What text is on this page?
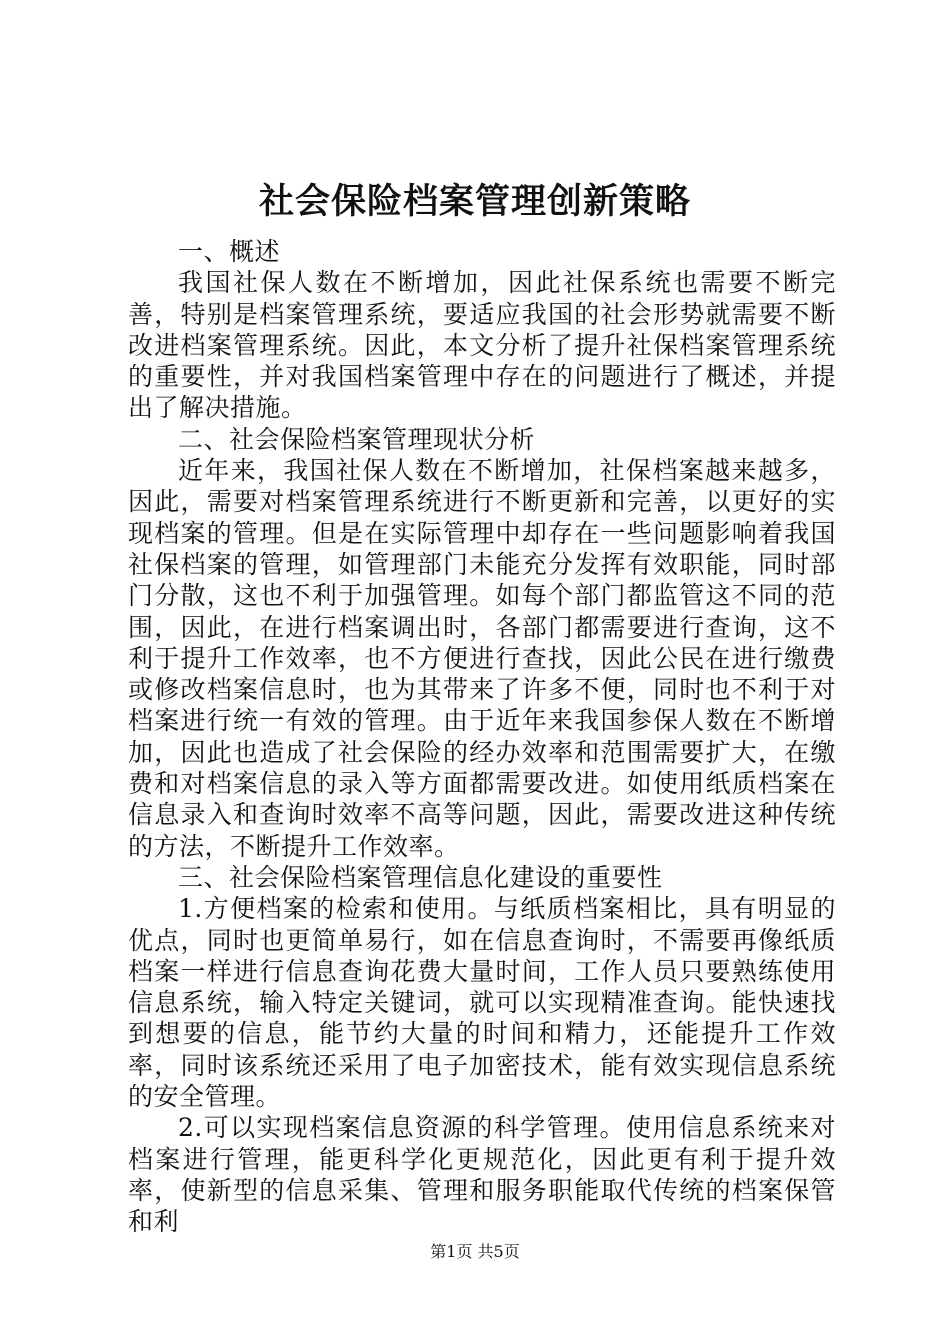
社会保险档案管理创新策略

一、概述

我国社保人数在不断增加，因此社保系统也需要不断完善，特别是档案管理系统，要适应我国的社会形势就需要不断改进档案管理系统。因此，本文分析了提升社保档案管理系统的重要性，并对我国档案管理中存在的问题进行了概述，并提出了解决措施。

二、社会保险档案管理现状分析

近年来，我国社保人数在不断增加，社保档案越来越多，因此，需要对档案管理系统进行不断更新和完善，以更好的实现档案的管理。但是在实际管理中却存在一些问题影响着我国社保档案的管理，如管理部门未能充分发挥有效职能，同时部门分散，这也不利于加强管理。如每个部门都监管这不同的范围，因此，在进行档案调出时，各部门都需要进行查询，这不利于提升工作效率，也不方便进行查找，因此公民在进行缴费或修改档案信息时，也为其带来了许多不便，同时也不利于对档案进行统一有效的管理。由于近年来我国参保人数在不断增加，因此也造成了社会保险的经办效率和范围需要扩大，在缴费和对档案信息的录入等方面都需要改进。如使用纸质档案在信息录入和查询时效率不高等问题，因此，需要改进这种传统的方法，不断提升工作效率。

三、社会保险档案管理信息化建设的重要性

1.方便档案的检索和使用。与纸质档案相比，具有明显的优点，同时也更简单易行，如在信息查询时，不需要再像纸质档案一样进行信息查询花费大量时间，工作人员只要熟练使用信息系统，输入特定关键词，就可以实现精准查询。能快速找到想要的信息，能节约大量的时间和精力，还能提升工作效率，同时该系统还采用了电子加密技术，能有效实现信息系统的安全管理。

2.可以实现档案信息资源的科学管理。使用信息系统来对档案进行管理，能更科学化更规范化，因此更有利于提升效率，使新型的信息采集、管理和服务职能取代传统的档案保管和利

第1页 共5页
